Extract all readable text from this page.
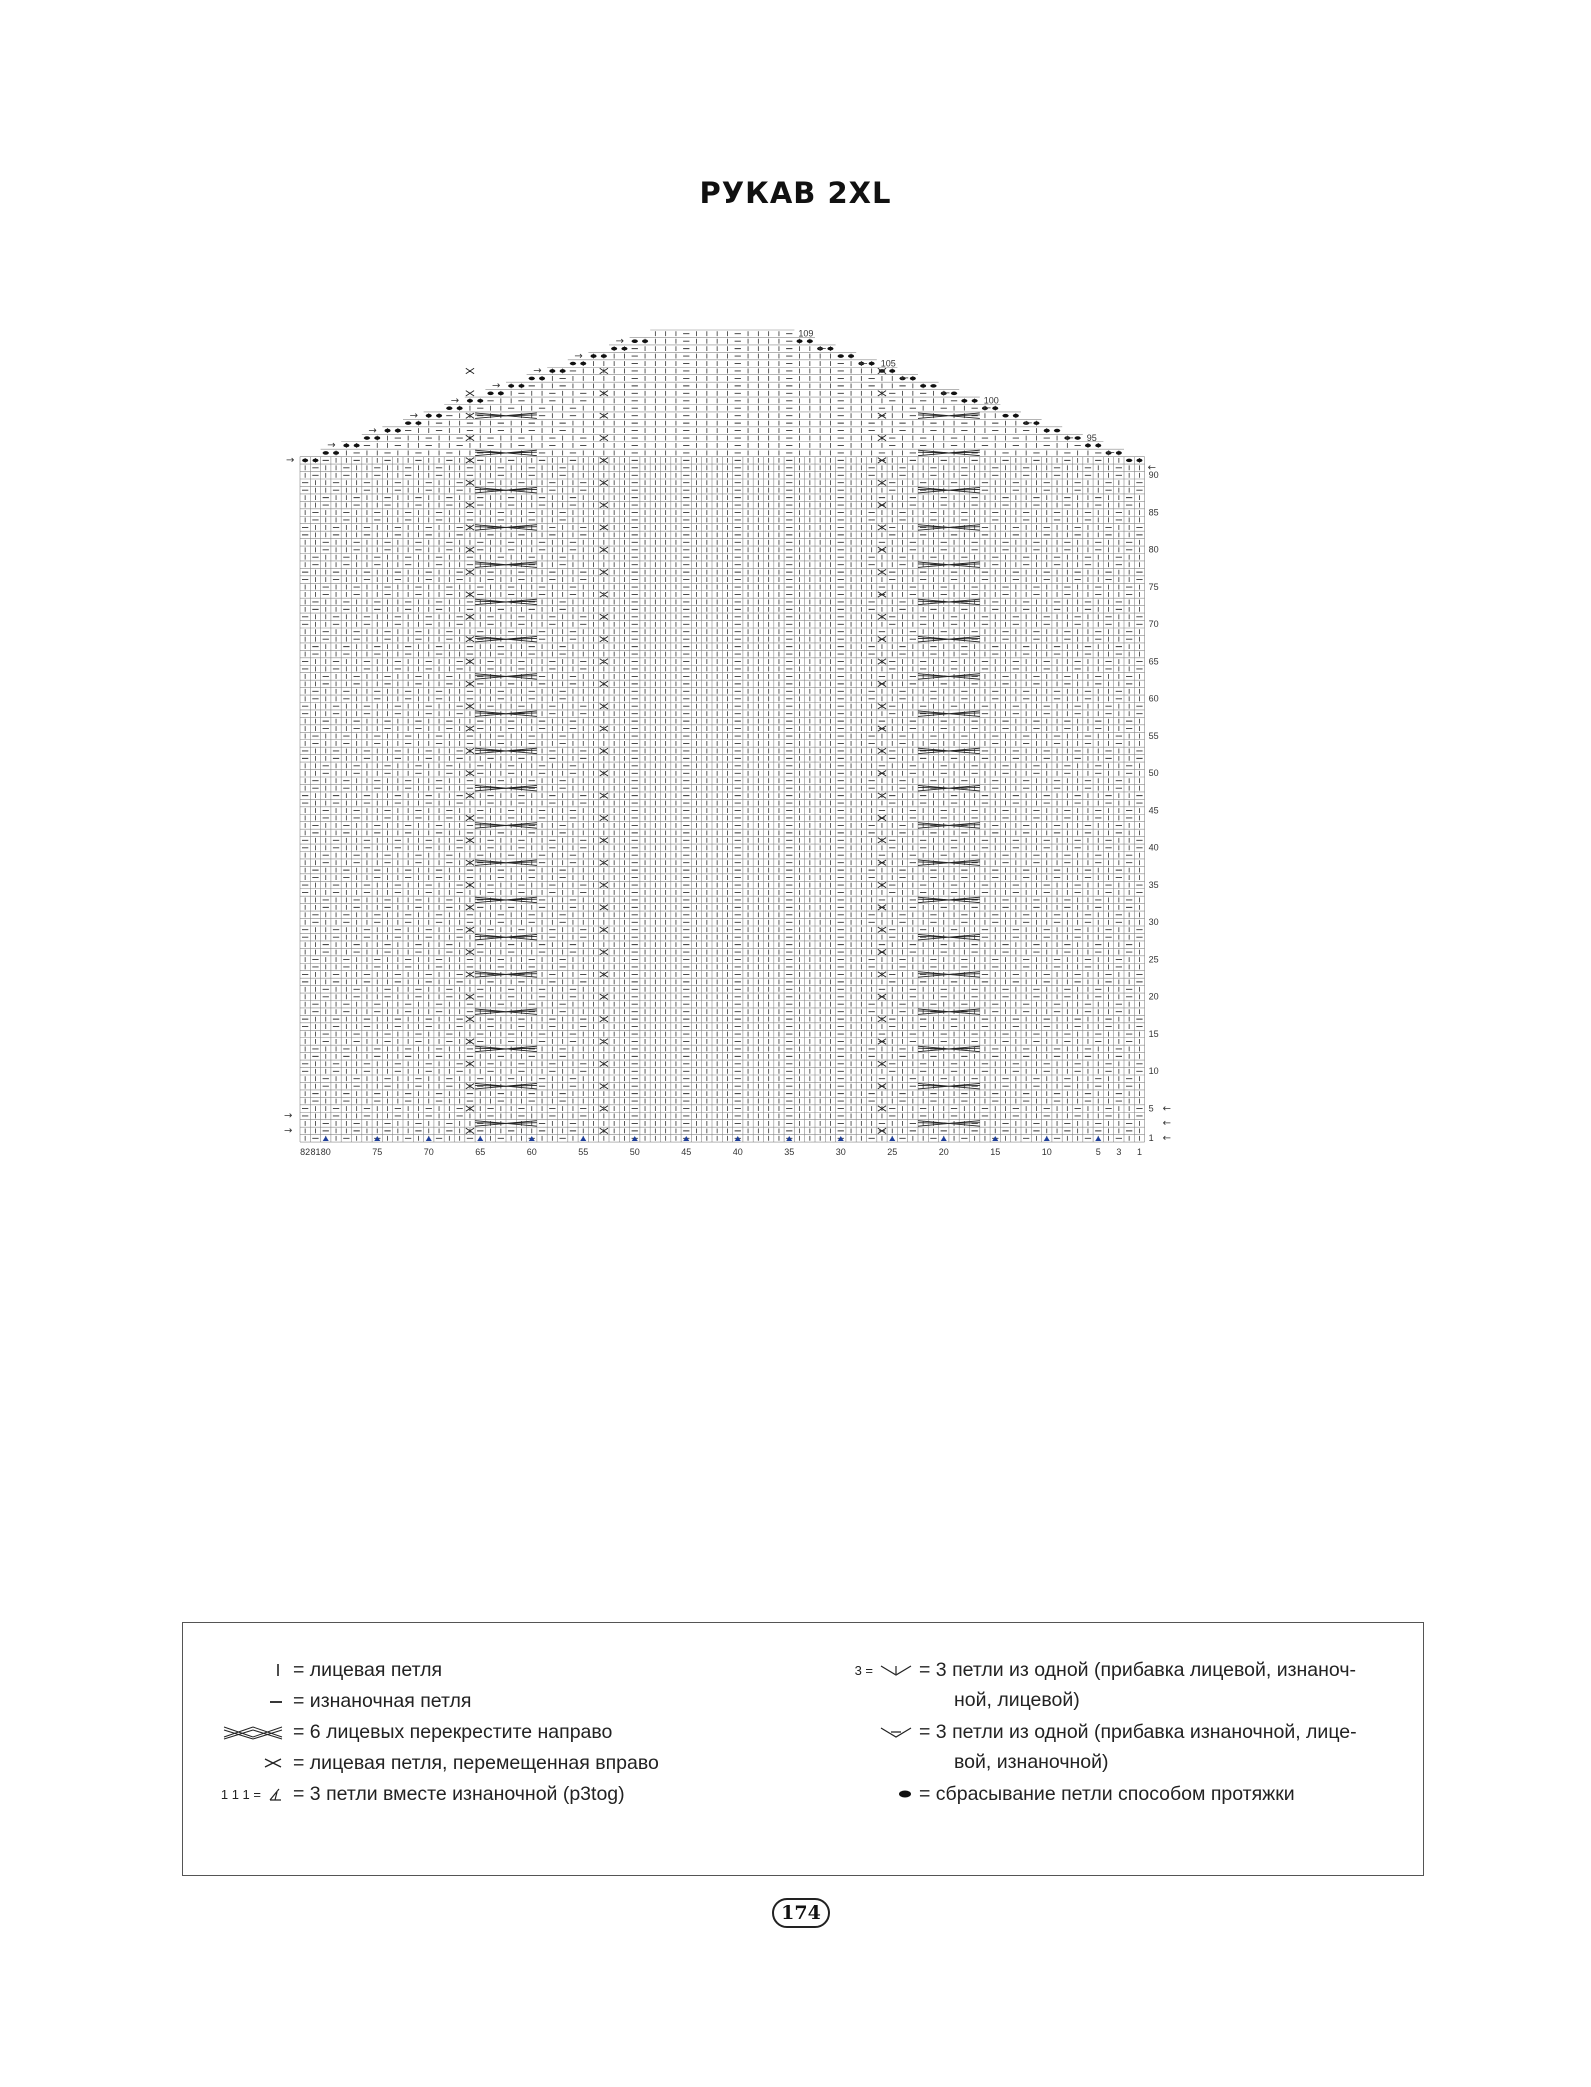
РУКАВ 2XL
82 81 80	75	70	65	60	55	50	45	40	35	30	25	20	15	10	5 3 1
1
5
10
15
20
25
30
35
40
45
50
55
60
65
70
75
80
85
90
95
100
105
109
←
→
←
→
←
→
←
→
←
→
←
→
←
→
←
→
←
→
←
→
←
→
←
= лицевая петля
= изнаночная петля
= 6 лицевых перекрестите направо
= лицевая петля, перемещенная вправо
1 1 1 = = 3 петли вместе изнаночной (p3tog)
3 = = 3 петли из одной (прибавка лицевой, изнаноч-
ной, лицевой)
= 3 петли из одной (прибавка изнаночной, лице-
вой, изнаночной)
= сбрасывание петли способом протяжки
174
